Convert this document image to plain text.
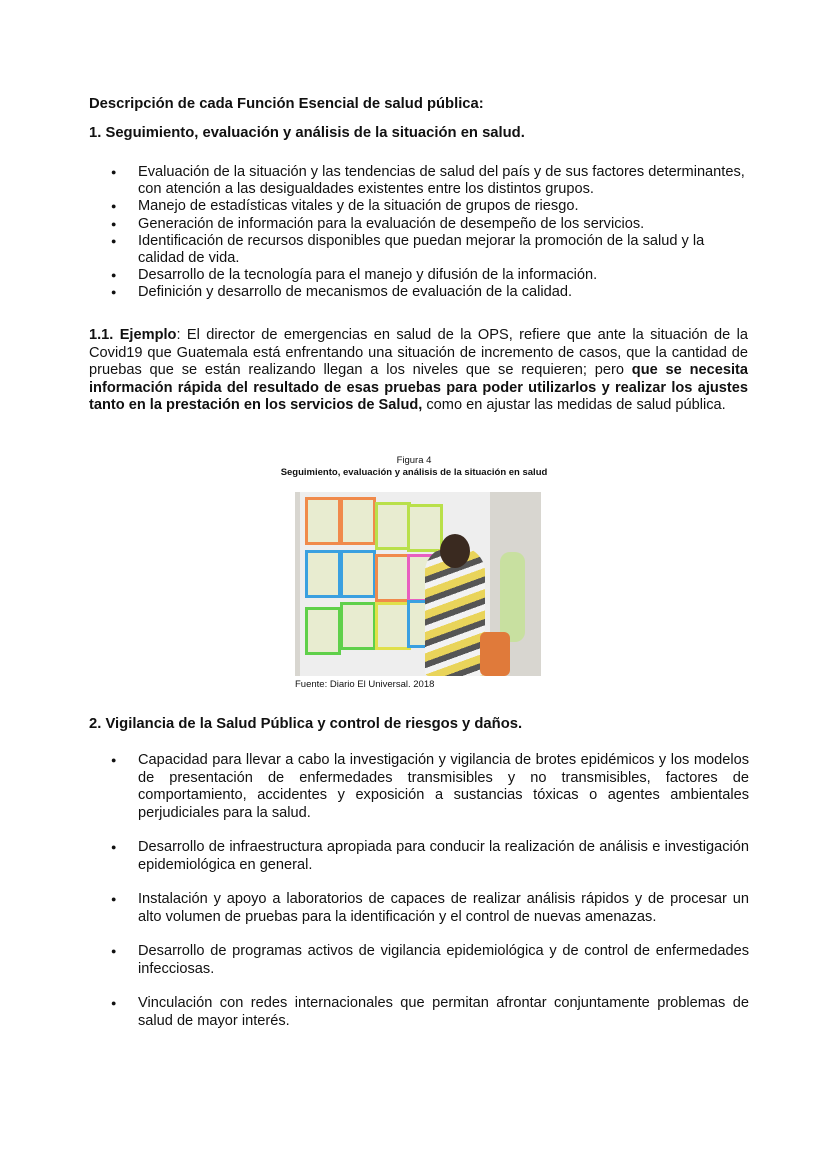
Descripción de cada Función Esencial de salud pública:
1. Seguimiento, evaluación y análisis de la situación en salud.
● Evaluación de la situación y las tendencias de salud del país y de sus factores determinantes, con atención a las desigualdades existentes entre los distintos grupos.
● Manejo de estadísticas vitales y de la situación de grupos de riesgo.
● Generación de información para la evaluación de desempeño de los servicios.
● Identificación de recursos disponibles que puedan mejorar la promoción de la salud y la calidad de vida.
● Desarrollo de la tecnología para el manejo y difusión de la información.
● Definición y desarrollo de mecanismos de evaluación de la calidad.
1.1. Ejemplo: El director de emergencias en salud de la OPS, refiere que ante la situación de la Covid19 que Guatemala está enfrentando una situación de incremento de casos, que la cantidad de pruebas que se están realizando llegan a los niveles que se requieren; pero que se necesita información rápida del resultado de esas pruebas para poder utilizarlos y realizar los ajustes tanto en la prestación en los servicios de Salud, como en ajustar las medidas de salud pública.
Figura 4
Seguimiento, evaluación y análisis de la situación en salud
Fuente: Diario El Universal. 2018
2. Vigilancia de la Salud Pública y control de riesgos y daños.
● Capacidad para llevar a cabo la investigación y vigilancia de brotes epidémicos y los modelos de presentación de enfermedades transmisibles y no transmisibles, factores de comportamiento, accidentes y exposición a sustancias tóxicas o agentes ambientales perjudiciales para la salud.
● Desarrollo de infraestructura apropiada para conducir la realización de análisis e investigación epidemiológica en general.
● Instalación y apoyo a laboratorios de capaces de realizar análisis rápidos y de procesar un alto volumen de pruebas para la identificación y el control de nuevas amenazas.
● Desarrollo de programas activos de vigilancia epidemiológica y de control de enfermedades infecciosas.
● Vinculación con redes internacionales que permitan afrontar conjuntamente problemas de salud de mayor interés.
